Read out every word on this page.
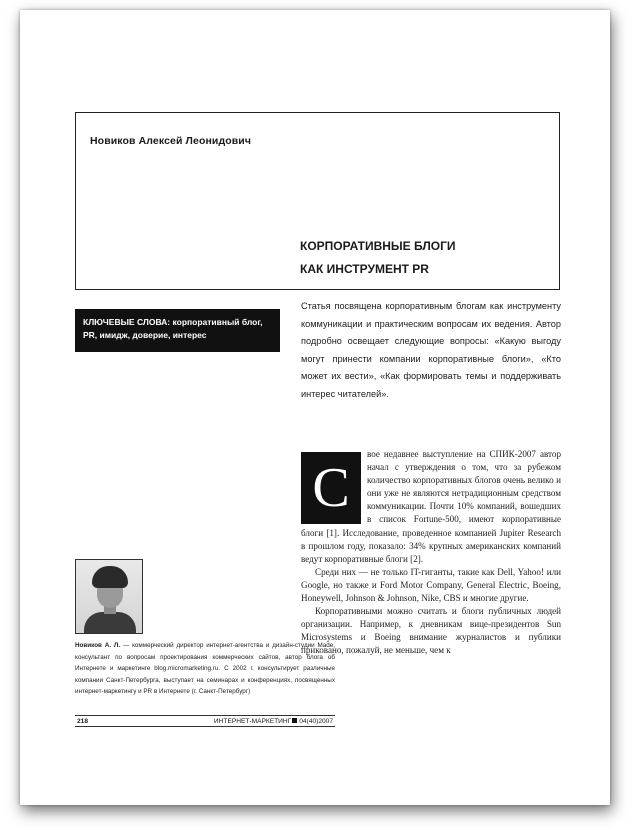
Новиков Алексей Леонидович
КОРПОРАТИВНЫЕ БЛОГИ
КАК ИНСТРУМЕНТ PR
КЛЮЧЕВЫЕ СЛОВА: корпоративный блог, PR, имидж, доверие, интерес
Статья посвящена корпоративным блогам как инструменту коммуникации и практическим вопросам их ведения. Автор подробно освещает следующие вопросы: «Какую выгоду могут принести компании корпоративные блоги», «Кто может их вести», «Как формировать темы и поддерживать интерес читателей».

вое недавнее выступление на СПИК-2007 автор начал с утверждения о том, что за рубежом количество корпоративных блогов очень велико и они уже не являются нетрадиционным средством коммуникации. Почти 10% компаний, вошедших в список Fortune-500, имеют корпоративные блоги [1]. Исследование, проведенное компанией Jupiter Research в прошлом году, показало: 34% крупных американских компаний ведут корпоративные блоги [2].

Среди них — не только IT-гиганты, такие как Dell, Yahoo! или Google, но также и Ford Motor Company, General Electric, Boeing, Honeywell, Johnson & Johnson, Nike, CBS и многие другие.

Корпоративными можно считать и блоги публичных людей организации. Например, к дневникам вице-президентов Sun Microsystems и Boeing внимание журналистов и публики приковано, пожалуй, не меньше, чем к

С
Новиков А. Л. — коммерческий директор интернет-агентства и дизайн-студии Made, консультант по вопросам проектирования коммерческих сайтов, автор блога об Интернете и маркетинге blog.micromarketing.ru. С 2002 г. консультирует различные компании Санкт-Петербурга, выступает на семинарах и конференциях, посвященных интернет-маркетингу и PR в Интернете (г. Санкт-Петербург)
218	ИНТЕРНЕТ-МАРКЕТИНГ 04(40)2007
